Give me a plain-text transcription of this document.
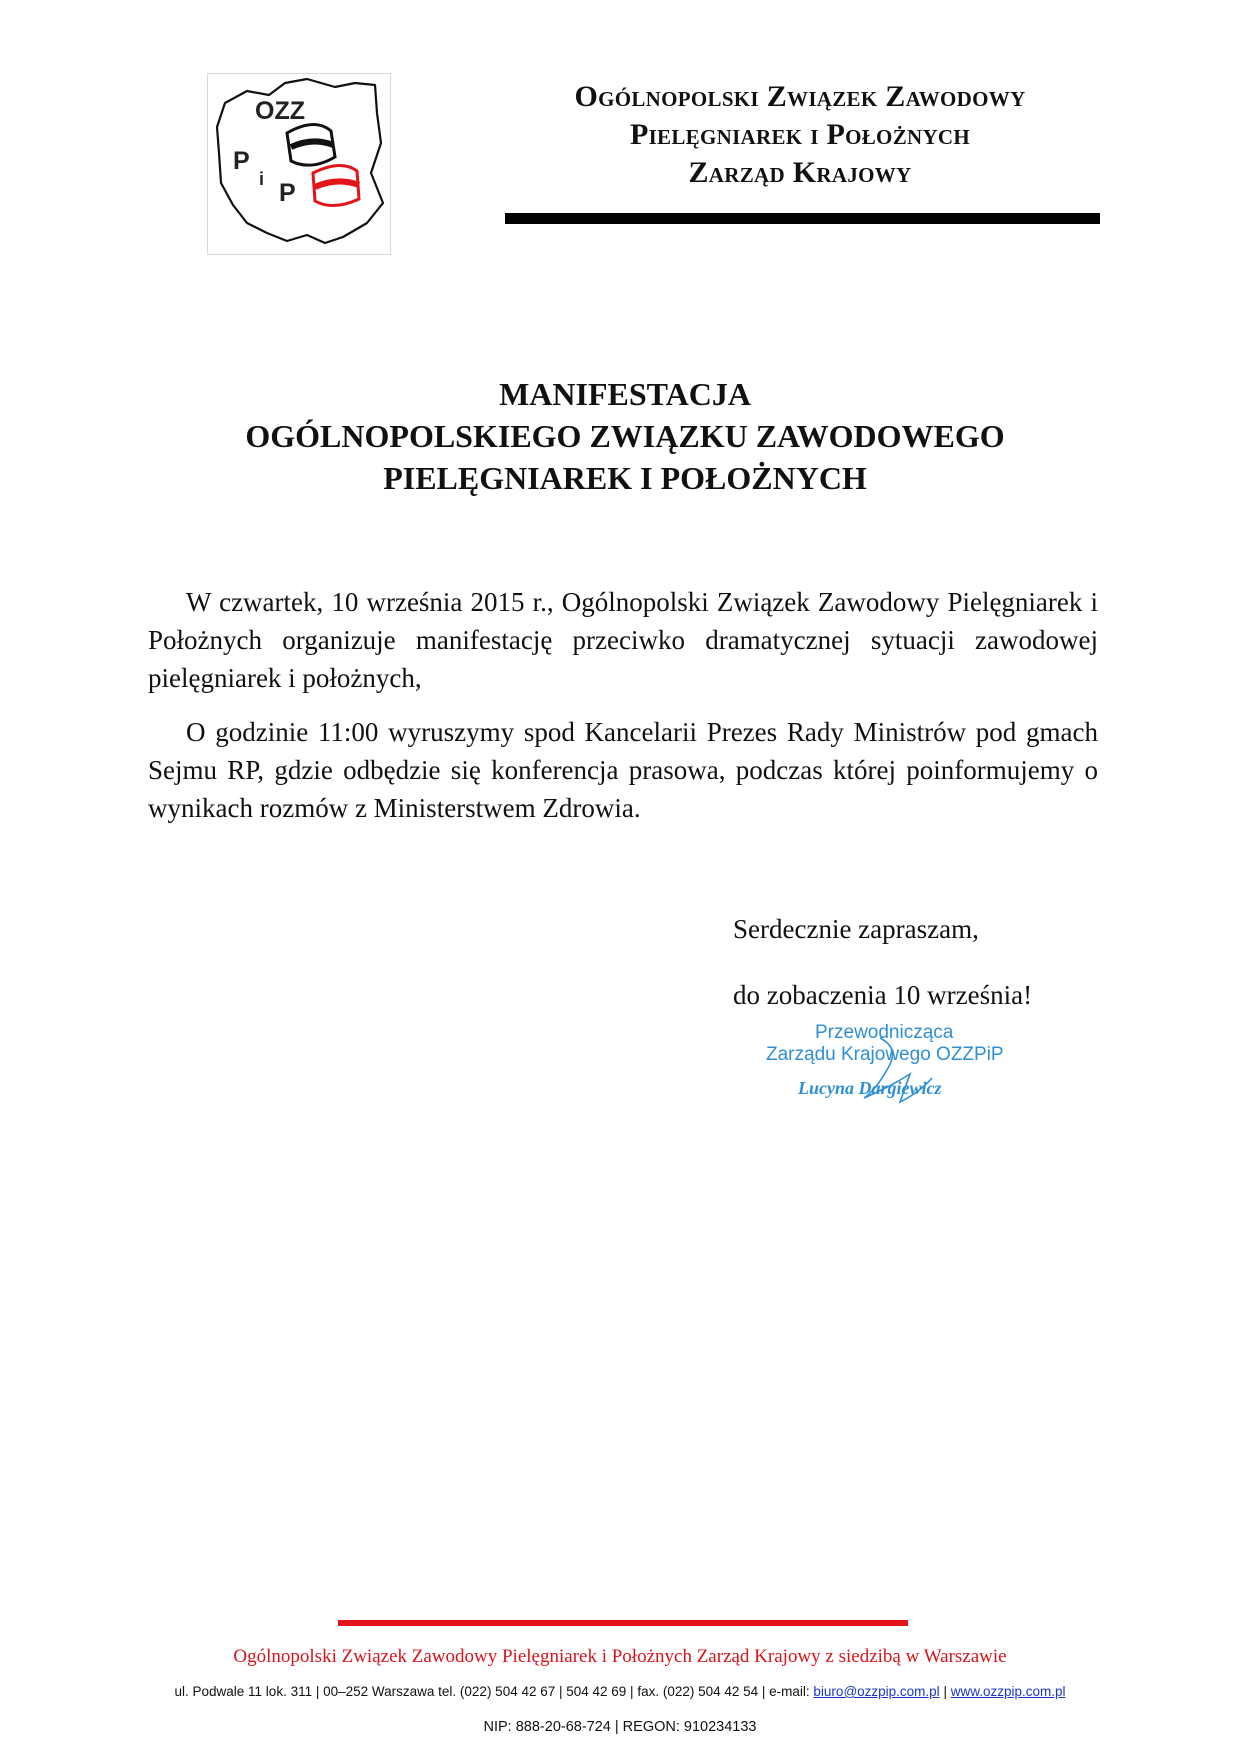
OZZ
P
i P
Ogólnopolski Związek Zawodowy
Pielęgniarek i Położnych
Zarząd Krajowy
MANIFESTACJA
OGÓLNOPOLSKIEGO ZWIĄZKU ZAWODOWEGO
PIELĘGNIAREK I POŁOŻNYCH

W czwartek, 10 września 2015 r., Ogólnopolski Związek Zawodowy Pielęgniarek i Położnych organizuje manifestację przeciwko dramatycznej sytuacji zawodowej pielęgniarek i położnych,

O godzinie 11:00 wyruszymy spod Kancelarii Prezes Rady Ministrów pod gmach Sejmu RP, gdzie odbędzie się konferencja prasowa, podczas której poinformujemy o wynikach rozmów z Ministerstwem Zdrowia.

Serdecznie zapraszam,
do zobaczenia 10 września!
Przewodnicząca
Zarządu Krajowego OZZPiP
Lucyna Dargiewicz
Ogólnopolski Związek Zawodowy Pielęgniarek i Położnych Zarząd Krajowy z siedzibą w Warszawie
ul. Podwale 11 lok. 311 | 00–252 Warszawa tel. (022) 504 42 67 | 504 42 69 | fax. (022) 504 42 54 | e-mail: biuro@ozzpip.com.pl | www.ozzpip.com.pl
NIP: 888-20-68-724 | REGON: 910234133
